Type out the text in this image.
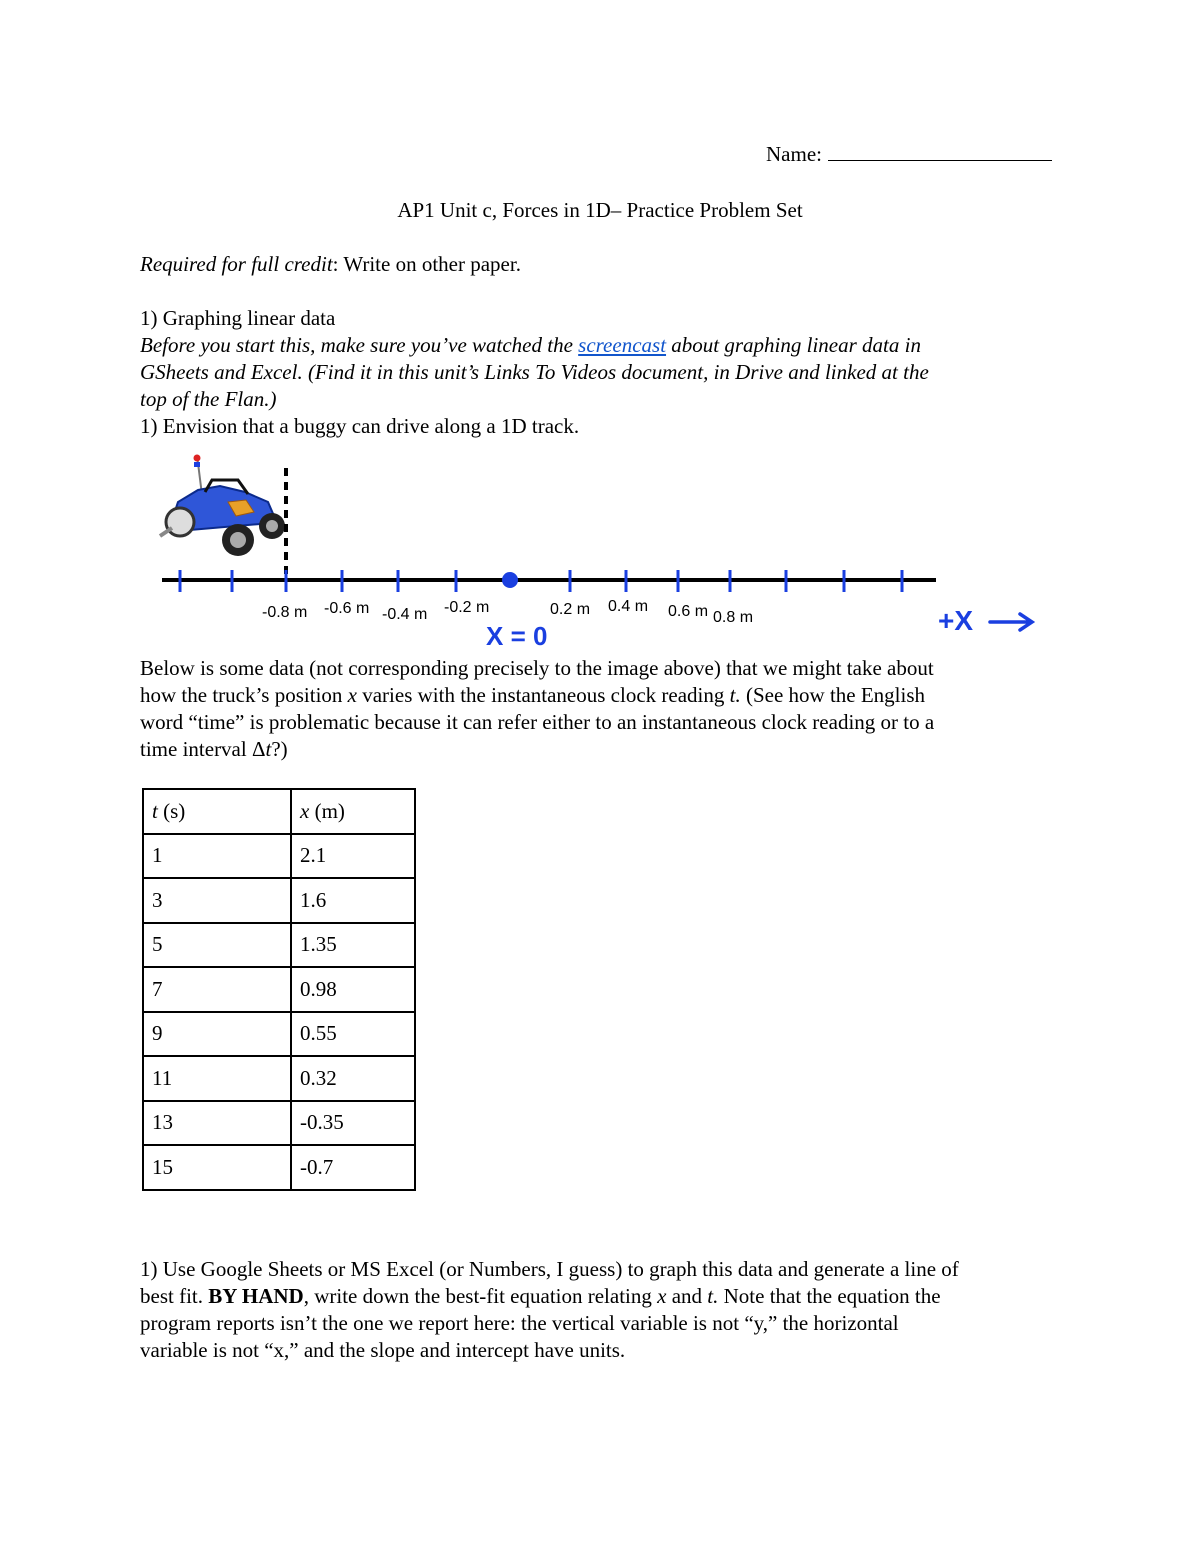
Name:
AP1 Unit c, Forces in 1D– Practice Problem Set
Required for full credit: Write on other paper.
1) Graphing linear data
Before you start this, make sure you’ve watched the screencast about graphing linear data in
GSheets and Excel. (Find it in this unit’s Links To Videos document, in Drive and linked at the
top of the Flan.)
1) Envision that a buggy can drive along a 1D track.
-0.8 m -0.6 m -0.4 m -0.2 m	0.2 m 0.4 m 0.6 m 0.8 m
X = 0	+X
Below is some data (not corresponding precisely to the image above) that we might take about
how the truck’s position x varies with the instantaneous clock reading t. (See how the English
word “time” is problematic because it can refer either to an instantaneous clock reading or to a
time interval Δt?)
t (s)	x (m)
1	2.1
3	1.6
5	1.35
7	0.98
9	0.55
11	0.32
13	-0.35
15	-0.7
1) Use Google Sheets or MS Excel (or Numbers, I guess) to graph this data and generate a line of
best fit. BY HAND, write down the best-fit equation relating x and t. Note that the equation the
program reports isn’t the one we report here: the vertical variable is not “y,” the horizontal
variable is not “x,” and the slope and intercept have units.
